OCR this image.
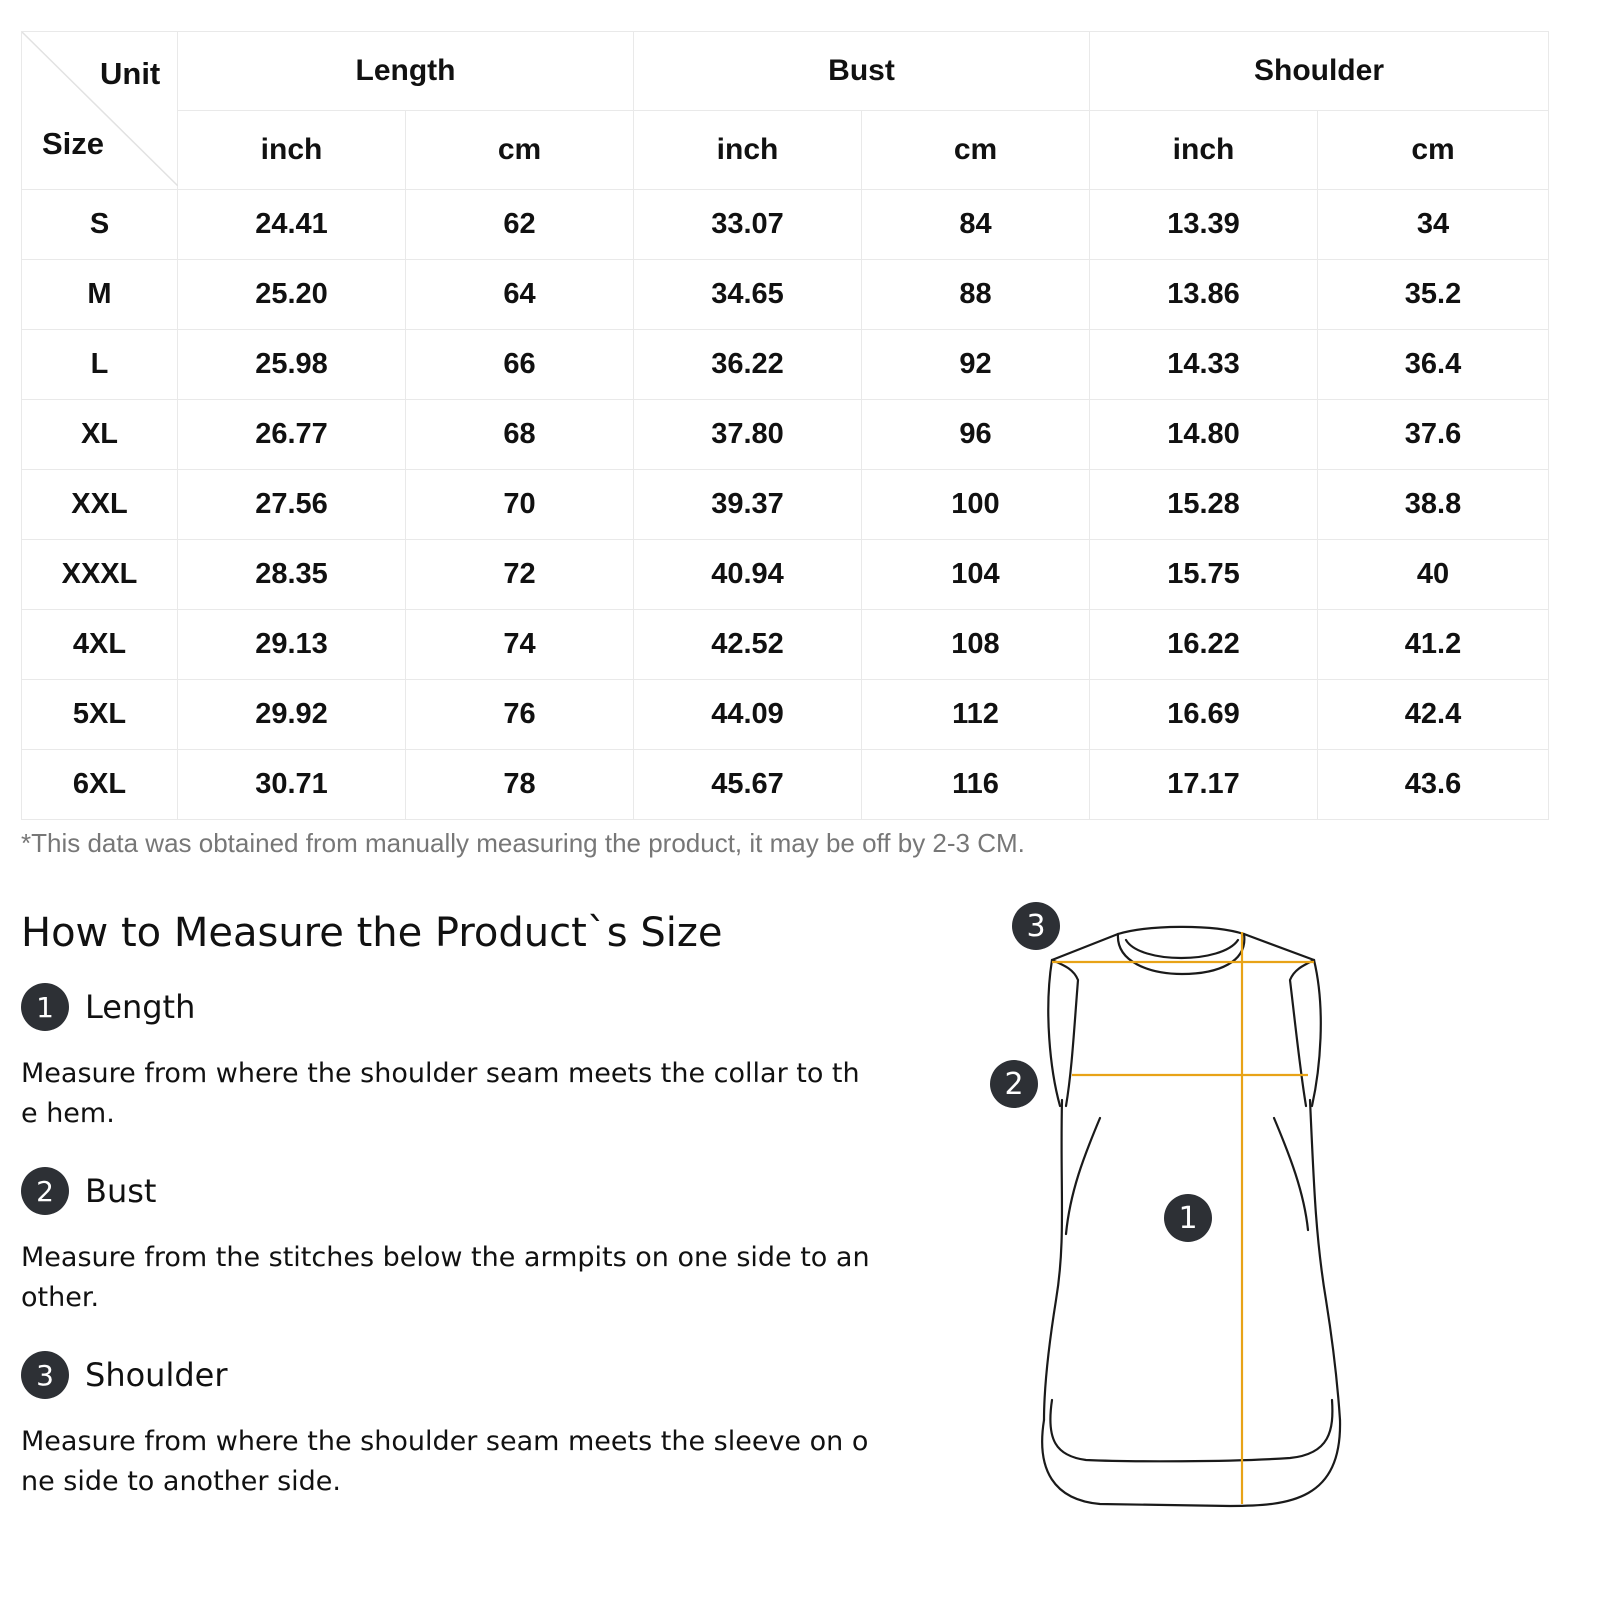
Unit
Size	Length		Bust		Shoulder	
	inch	cm	inch	cm	inch	cm
S	24.41	62	33.07	84	13.39	34
M	25.20	64	34.65	88	13.86	35.2
L	25.98	66	36.22	92	14.33	36.4
XL	26.77	68	37.80	96	14.80	37.6
XXL	27.56	70	39.37	100	15.28	38.8
XXXL	28.35	72	40.94	104	15.75	40
4XL	29.13	74	42.52	108	16.22	41.2
5XL	29.92	76	44.09	112	16.69	42.4
6XL	30.71	78	45.67	116	17.17	43.6
*This data was obtained from manually measuring the product, it may be off by 2-3 CM.
How to Measure the Product`s Size
1 Length
Measure from where the shoulder seam meets the collar to the hem.
2 Bust
Measure from the stitches below the armpits on one side to another.
3 Shoulder
Measure from where the shoulder seam meets the sleeve on one side to another side.
3
2
1
